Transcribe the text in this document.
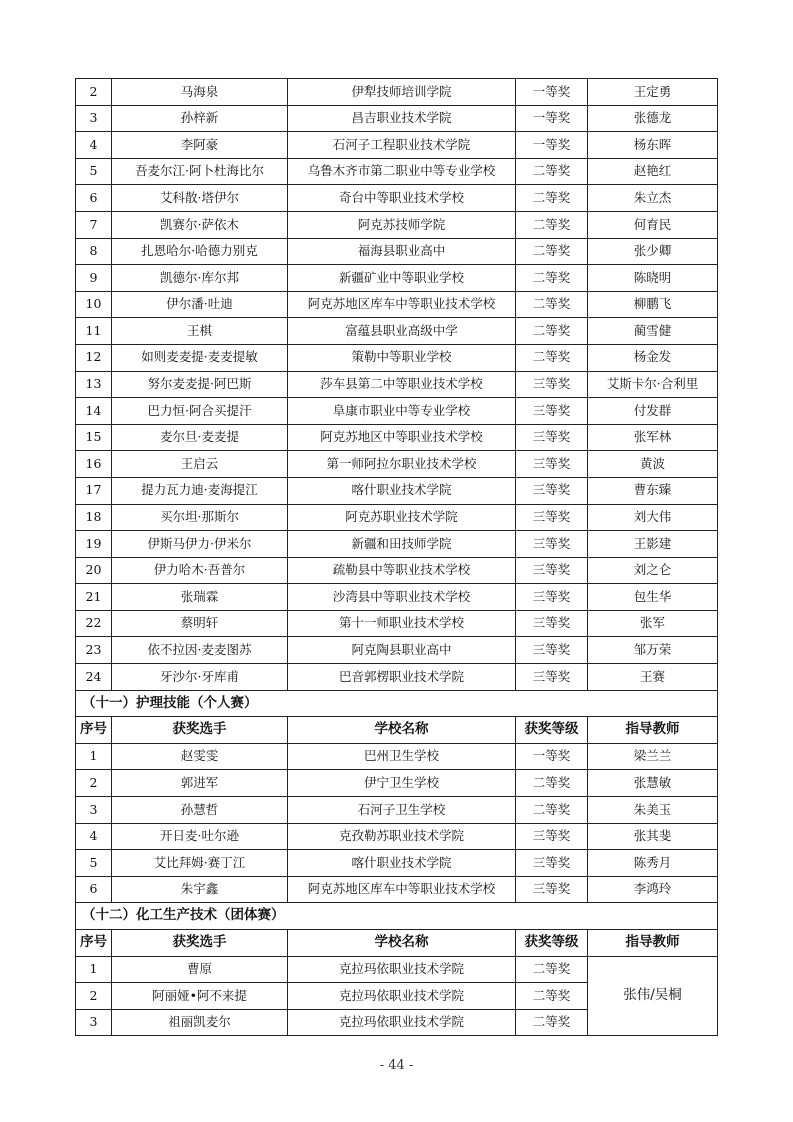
2	马海泉	伊犁技师培训学院	一等奖	王定勇
3	孙梓新	昌吉职业技术学院	一等奖	张德龙
4	李阿豪	石河子工程职业技术学院	一等奖	杨东晖
5	吾麦尔江·阿卜杜海比尔	乌鲁木齐市第二职业中等专业学校	二等奖	赵艳红
6	艾科散·塔伊尔	奇台中等职业技术学校	二等奖	朱立杰
7	凯赛尔·萨依木	阿克苏技师学院	二等奖	何育民
8	扎恩哈尔·哈德力别克	福海县职业高中	二等奖	张少卿
9	凯德尔·库尔邦	新疆矿业中等职业学校	二等奖	陈晓明
10	伊尔潘·吐迪	阿克苏地区库车中等职业技术学校	二等奖	柳鹏飞
11	王棋	富蕴县职业高级中学	二等奖	蔺雪健
12	如则麦麦提·麦麦提敏	策勒中等职业学校	二等奖	杨金发
13	努尔麦麦提·阿巴斯	莎车县第二中等职业技术学校	三等奖	艾斯卡尔·合利里
14	巴力恒·阿合买提汗	阜康市职业中等专业学校	三等奖	付发群
15	麦尔旦·麦麦提	阿克苏地区中等职业技术学校	三等奖	张军林
16	王启云	第一师阿拉尔职业技术学校	三等奖	黄波
17	提力瓦力迪·麦海提江	喀什职业技术学院	三等奖	曹东臻
18	买尔坦·那斯尔	阿克苏职业技术学院	三等奖	刘大伟
19	伊斯马伊力·伊米尔	新疆和田技师学院	三等奖	王影建
20	伊力哈木·吾普尔	疏勒县中等职业技术学校	三等奖	刘之仑
21	张瑞霖	沙湾县中等职业技术学校	三等奖	包生华
22	蔡明轩	第十一师职业技术学校	三等奖	张军
23	依不拉因·麦麦图苏	阿克陶县职业高中	三等奖	邹万荣
24	牙沙尔·牙库甫	巴音郭楞职业技术学院	三等奖	王赛
（十一）护理技能（个人赛）				
序号	获奖选手	学校名称	获奖等级	指导教师
1	赵雯雯	巴州卫生学校	一等奖	梁兰兰
2	郭进军	伊宁卫生学校	二等奖	张慧敏
3	孙慧哲	石河子卫生学校	二等奖	朱美玉
4	开日麦·吐尔逊	克孜勒苏职业技术学院	三等奖	张其斐
5	艾比拜姆·赛丁江	喀什职业技术学院	三等奖	陈秀月
6	朱宇鑫	阿克苏地区库车中等职业技术学校	三等奖	李鸿玲
（十二）化工生产技术（团体赛）				
序号	获奖选手	学校名称	获奖等级	指导教师
1	曹原	克拉玛依职业技术学院	二等奖	张伟/吴桐
2	阿丽娅•阿不来提	克拉玛依职业技术学院	二等奖	
3	祖丽凯麦尔	克拉玛依职业技术学院	二等奖	
- 44 -
